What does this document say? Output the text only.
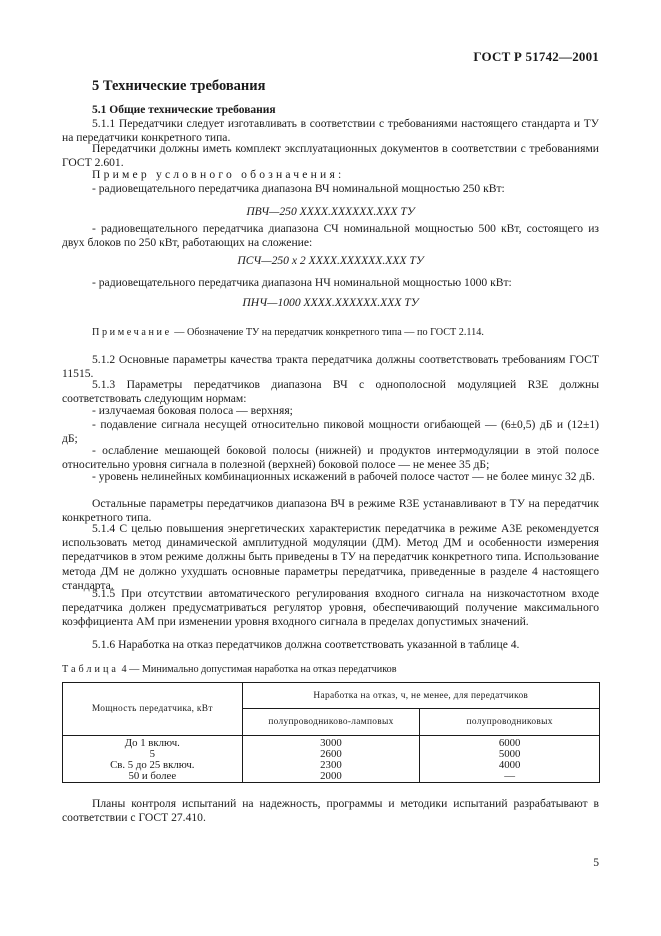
ГОСТ Р 51742—2001
5 Технические требования
5.1 Общие технические требования

5.1.1 Передатчики следует изготавливать в соответствии с требованиями настоящего стандарта и ТУ на передатчики конкретного типа.

Передатчики должны иметь комплект эксплуатационных документов в соответствии с требованиями ГОСТ 2.601.

Пример условного обозначения:

- радиовещательного передатчика диапазона ВЧ номинальной мощностью 250 кВт:

ПВЧ—250 XXXX.XXXXXX.XXX ТУ

- радиовещательного передатчика диапазона СЧ номинальной мощностью 500 кВт, состоящего из двух блоков по 250 кВт, работающих на сложение:

ПСЧ—250 х 2 XXXX.XXXXXX.XXX ТУ

- радиовещательного передатчика диапазона НЧ номинальной мощностью 1000 кВт:

ПНЧ—1000 XXXX.XXXXXX.XXX ТУ

Примечание — Обозначение ТУ на передатчик конкретного типа — по ГОСТ 2.114.

5.1.2 Основные параметры качества тракта передатчика должны соответствовать требованиям ГОСТ 11515.

5.1.3 Параметры передатчиков диапазона ВЧ с однополосной модуляцией R3E должны соответствовать следующим нормам:

- излучаемая боковая полоса — верхняя;

- подавление сигнала несущей относительно пиковой мощности огибающей — (6±0,5) дБ и (12±1) дБ;

- ослабление мешающей боковой полосы (нижней) и продуктов интермодуляции в этой полосе относительно уровня сигнала в полезной (верхней) боковой полосе — не менее 35 дБ;

- уровень нелинейных комбинационных искажений в рабочей полосе частот — не более минус 32 дБ.

Остальные параметры передатчиков диапазона ВЧ в режиме R3E устанавливают в ТУ на передатчик конкретного типа.

5.1.4 С целью повышения энергетических характеристик передатчика в режиме А3Е рекомендуется использовать метод динамической амплитудной модуляции (ДМ). Метод ДМ и особенности измерения передатчиков в этом режиме должны быть приведены в ТУ на передатчик конкретного типа. Использование метода ДМ не должно ухудшать основные параметры передатчика, приведенные в разделе 4 настоящего стандарта.

5.1.5 При отсутствии автоматического регулирования входного сигнала на низкочастотном входе передатчика должен предусматриваться регулятор уровня, обеспечивающий получение максимального коэффициента АМ при изменении уровня входного сигнала в пределах допустимых значений.

5.1.6 Наработка на отказ передатчиков должна соответствовать указанной в таблице 4.

Таблица 4 — Минимально допустимая наработка на отказ передатчиков

Мощность передатчика, кВт	Наработка на отказ, ч, не менее, для передатчиков	
	полупроводниково-ламповых	полупроводниковых
До 1 включ.	3000	6000
5	2600	5000
Св. 5 до 25 включ.	2300	4000
50 и более	2000	—

Планы контроля испытаний на надежность, программы и методики испытаний разрабатывают в соответствии с ГОСТ 27.410.

5
